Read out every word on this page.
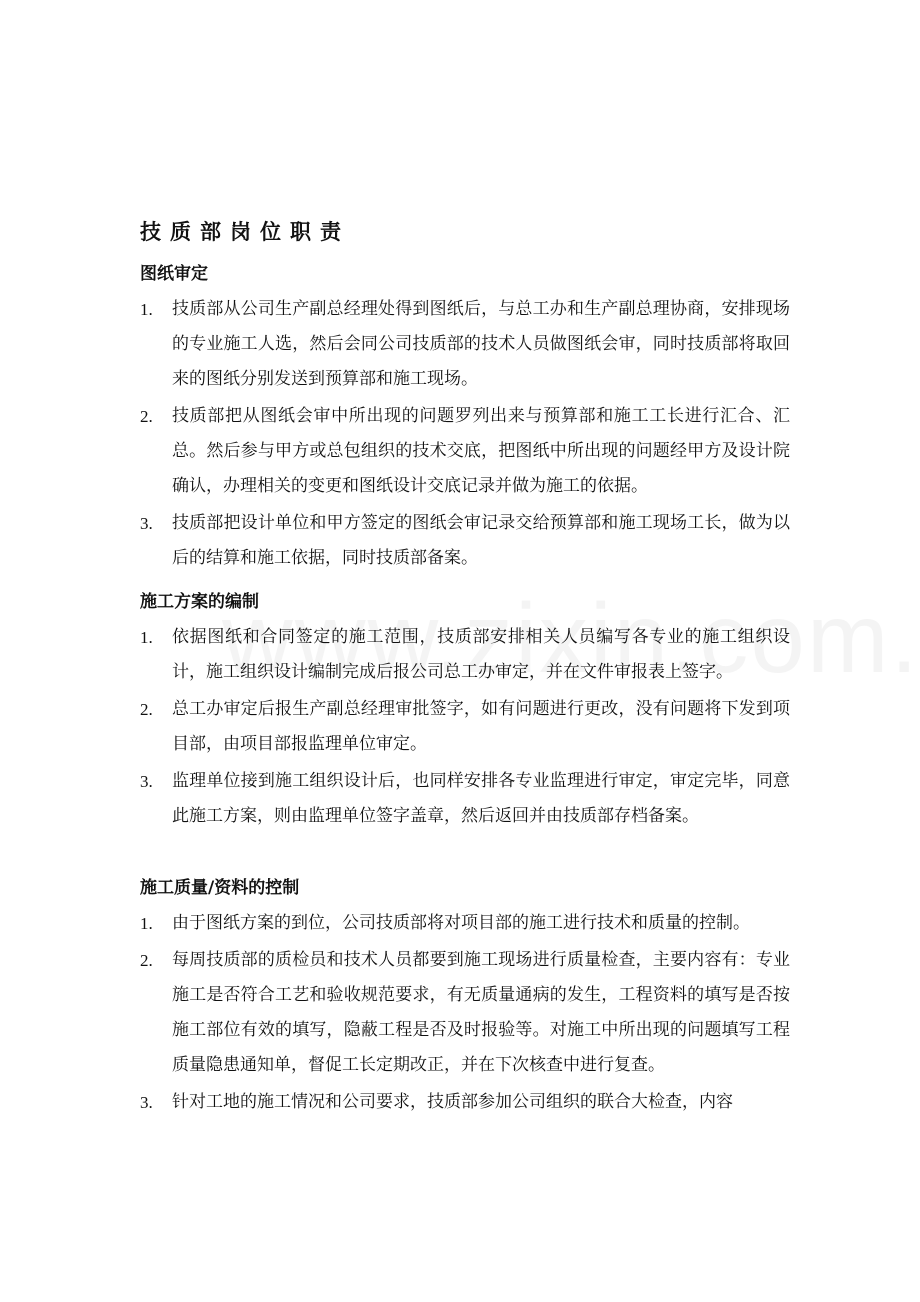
技质部岗位职责
图纸审定
1. 技质部从公司生产副总经理处得到图纸后，与总工办和生产副总理协商，安排现场的专业施工人选，然后会同公司技质部的技术人员做图纸会审，同时技质部将取回来的图纸分别发送到预算部和施工现场。
2. 技质部把从图纸会审中所出现的问题罗列出来与预算部和施工工长进行汇合、汇总。然后参与甲方或总包组织的技术交底，把图纸中所出现的问题经甲方及设计院确认，办理相关的变更和图纸设计交底记录并做为施工的依据。
3. 技质部把设计单位和甲方签定的图纸会审记录交给预算部和施工现场工长，做为以后的结算和施工依据，同时技质部备案。
施工方案的编制
1. 依据图纸和合同签定的施工范围，技质部安排相关人员编写各专业的施工组织设计，施工组织设计编制完成后报公司总工办审定，并在文件审报表上签字。
2. 总工办审定后报生产副总经理审批签字，如有问题进行更改，没有问题将下发到项目部，由项目部报监理单位审定。
3. 监理单位接到施工组织设计后，也同样安排各专业监理进行审定，审定完毕，同意此施工方案，则由监理单位签字盖章，然后返回并由技质部存档备案。
施工质量/资料的控制
1. 由于图纸方案的到位，公司技质部将对项目部的施工进行技术和质量的控制。
2. 每周技质部的质检员和技术人员都要到施工现场进行质量检查，主要内容有：专业施工是否符合工艺和验收规范要求，有无质量通病的发生，工程资料的填写是否按施工部位有效的填写，隐蔽工程是否及时报验等。对施工中所出现的问题填写工程质量隐患通知单，督促工长定期改正，并在下次核查中进行复查。
3. 针对工地的施工情况和公司要求，技质部参加公司组织的联合大检查，内容
